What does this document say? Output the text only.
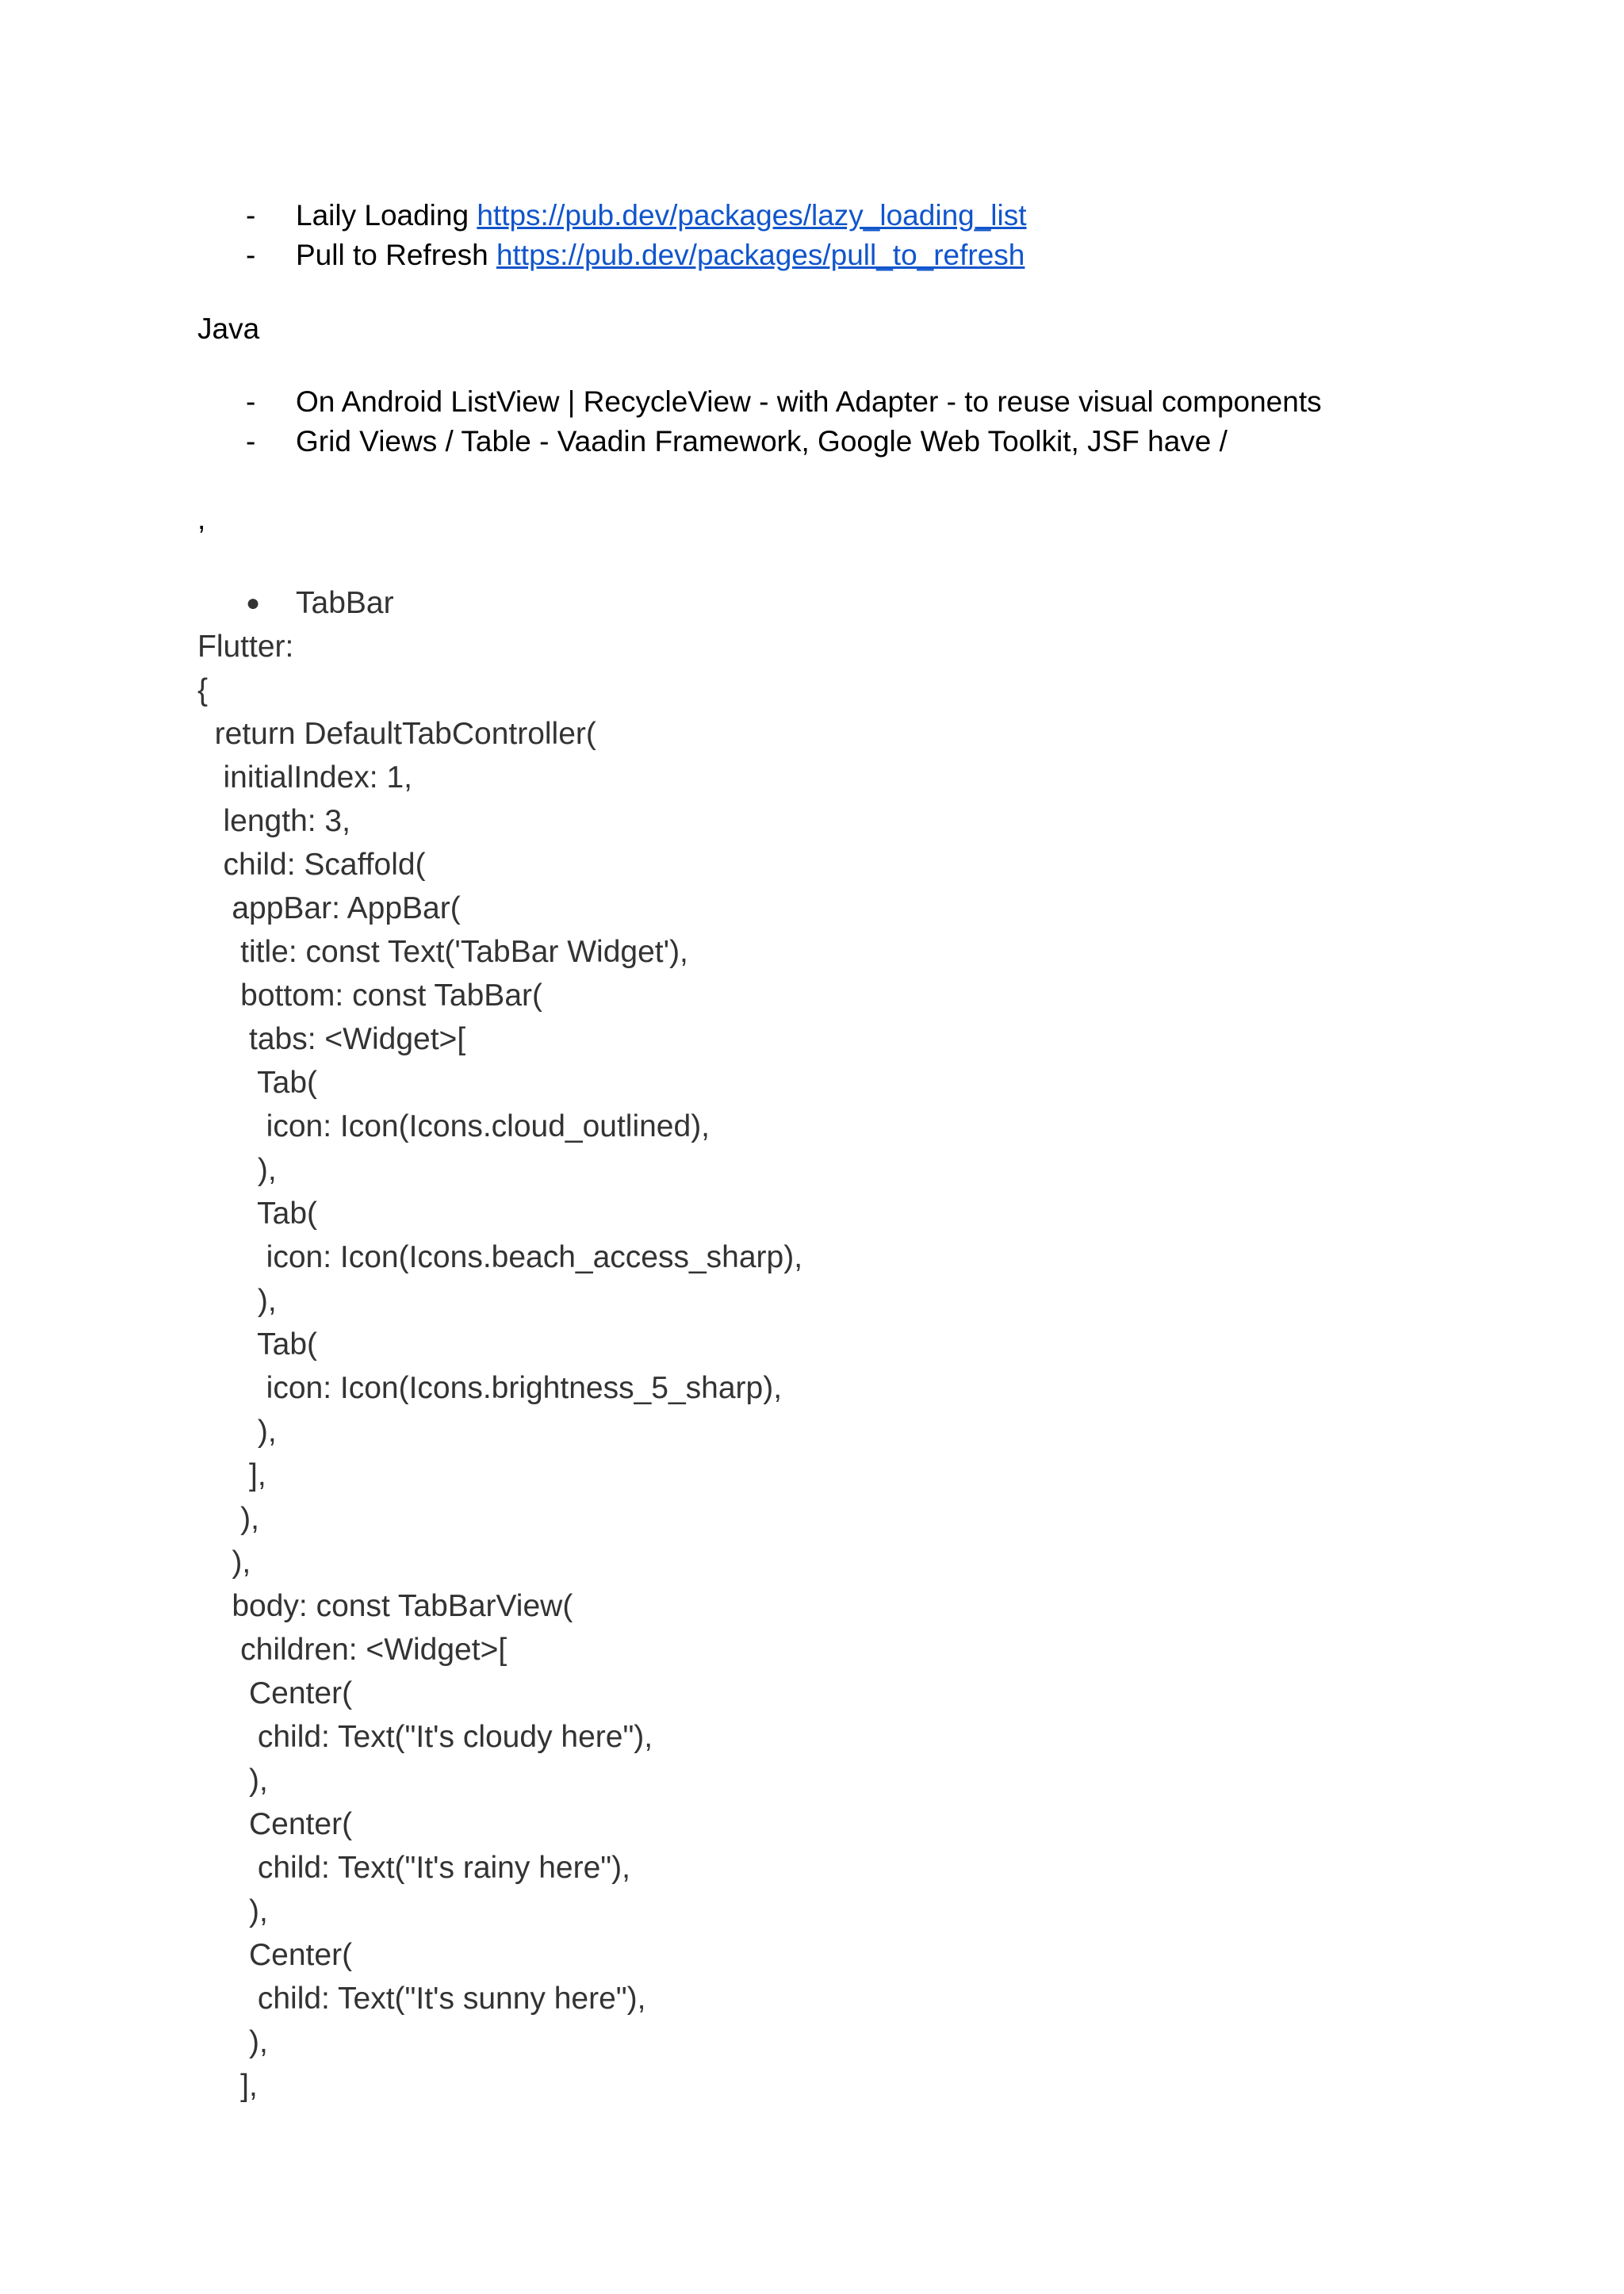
- Laily Loading https://pub.dev/packages/lazy_loading_list
- Pull to Refresh https://pub.dev/packages/pull_to_refresh
Java
- On Android ListView | RecycleView - with Adapter - to reuse visual components
- Grid Views / Table - Vaadin Framework, Google Web Toolkit, JSF have /
,
● TabBar
Flutter:
{
return DefaultTabController(
initialIndex: 1,
length: 3,
child: Scaffold(
appBar: AppBar(
title: const Text('TabBar Widget'),
bottom: const TabBar(
tabs: <Widget>[
Tab(
icon: Icon(Icons.cloud_outlined),
),
Tab(
icon: Icon(Icons.beach_access_sharp),
),
Tab(
icon: Icon(Icons.brightness_5_sharp),
),
],
),
),
body: const TabBarView(
children: <Widget>[
Center(
child: Text("It's cloudy here"),
),
Center(
child: Text("It's rainy here"),
),
Center(
child: Text("It's sunny here"),
),
],
